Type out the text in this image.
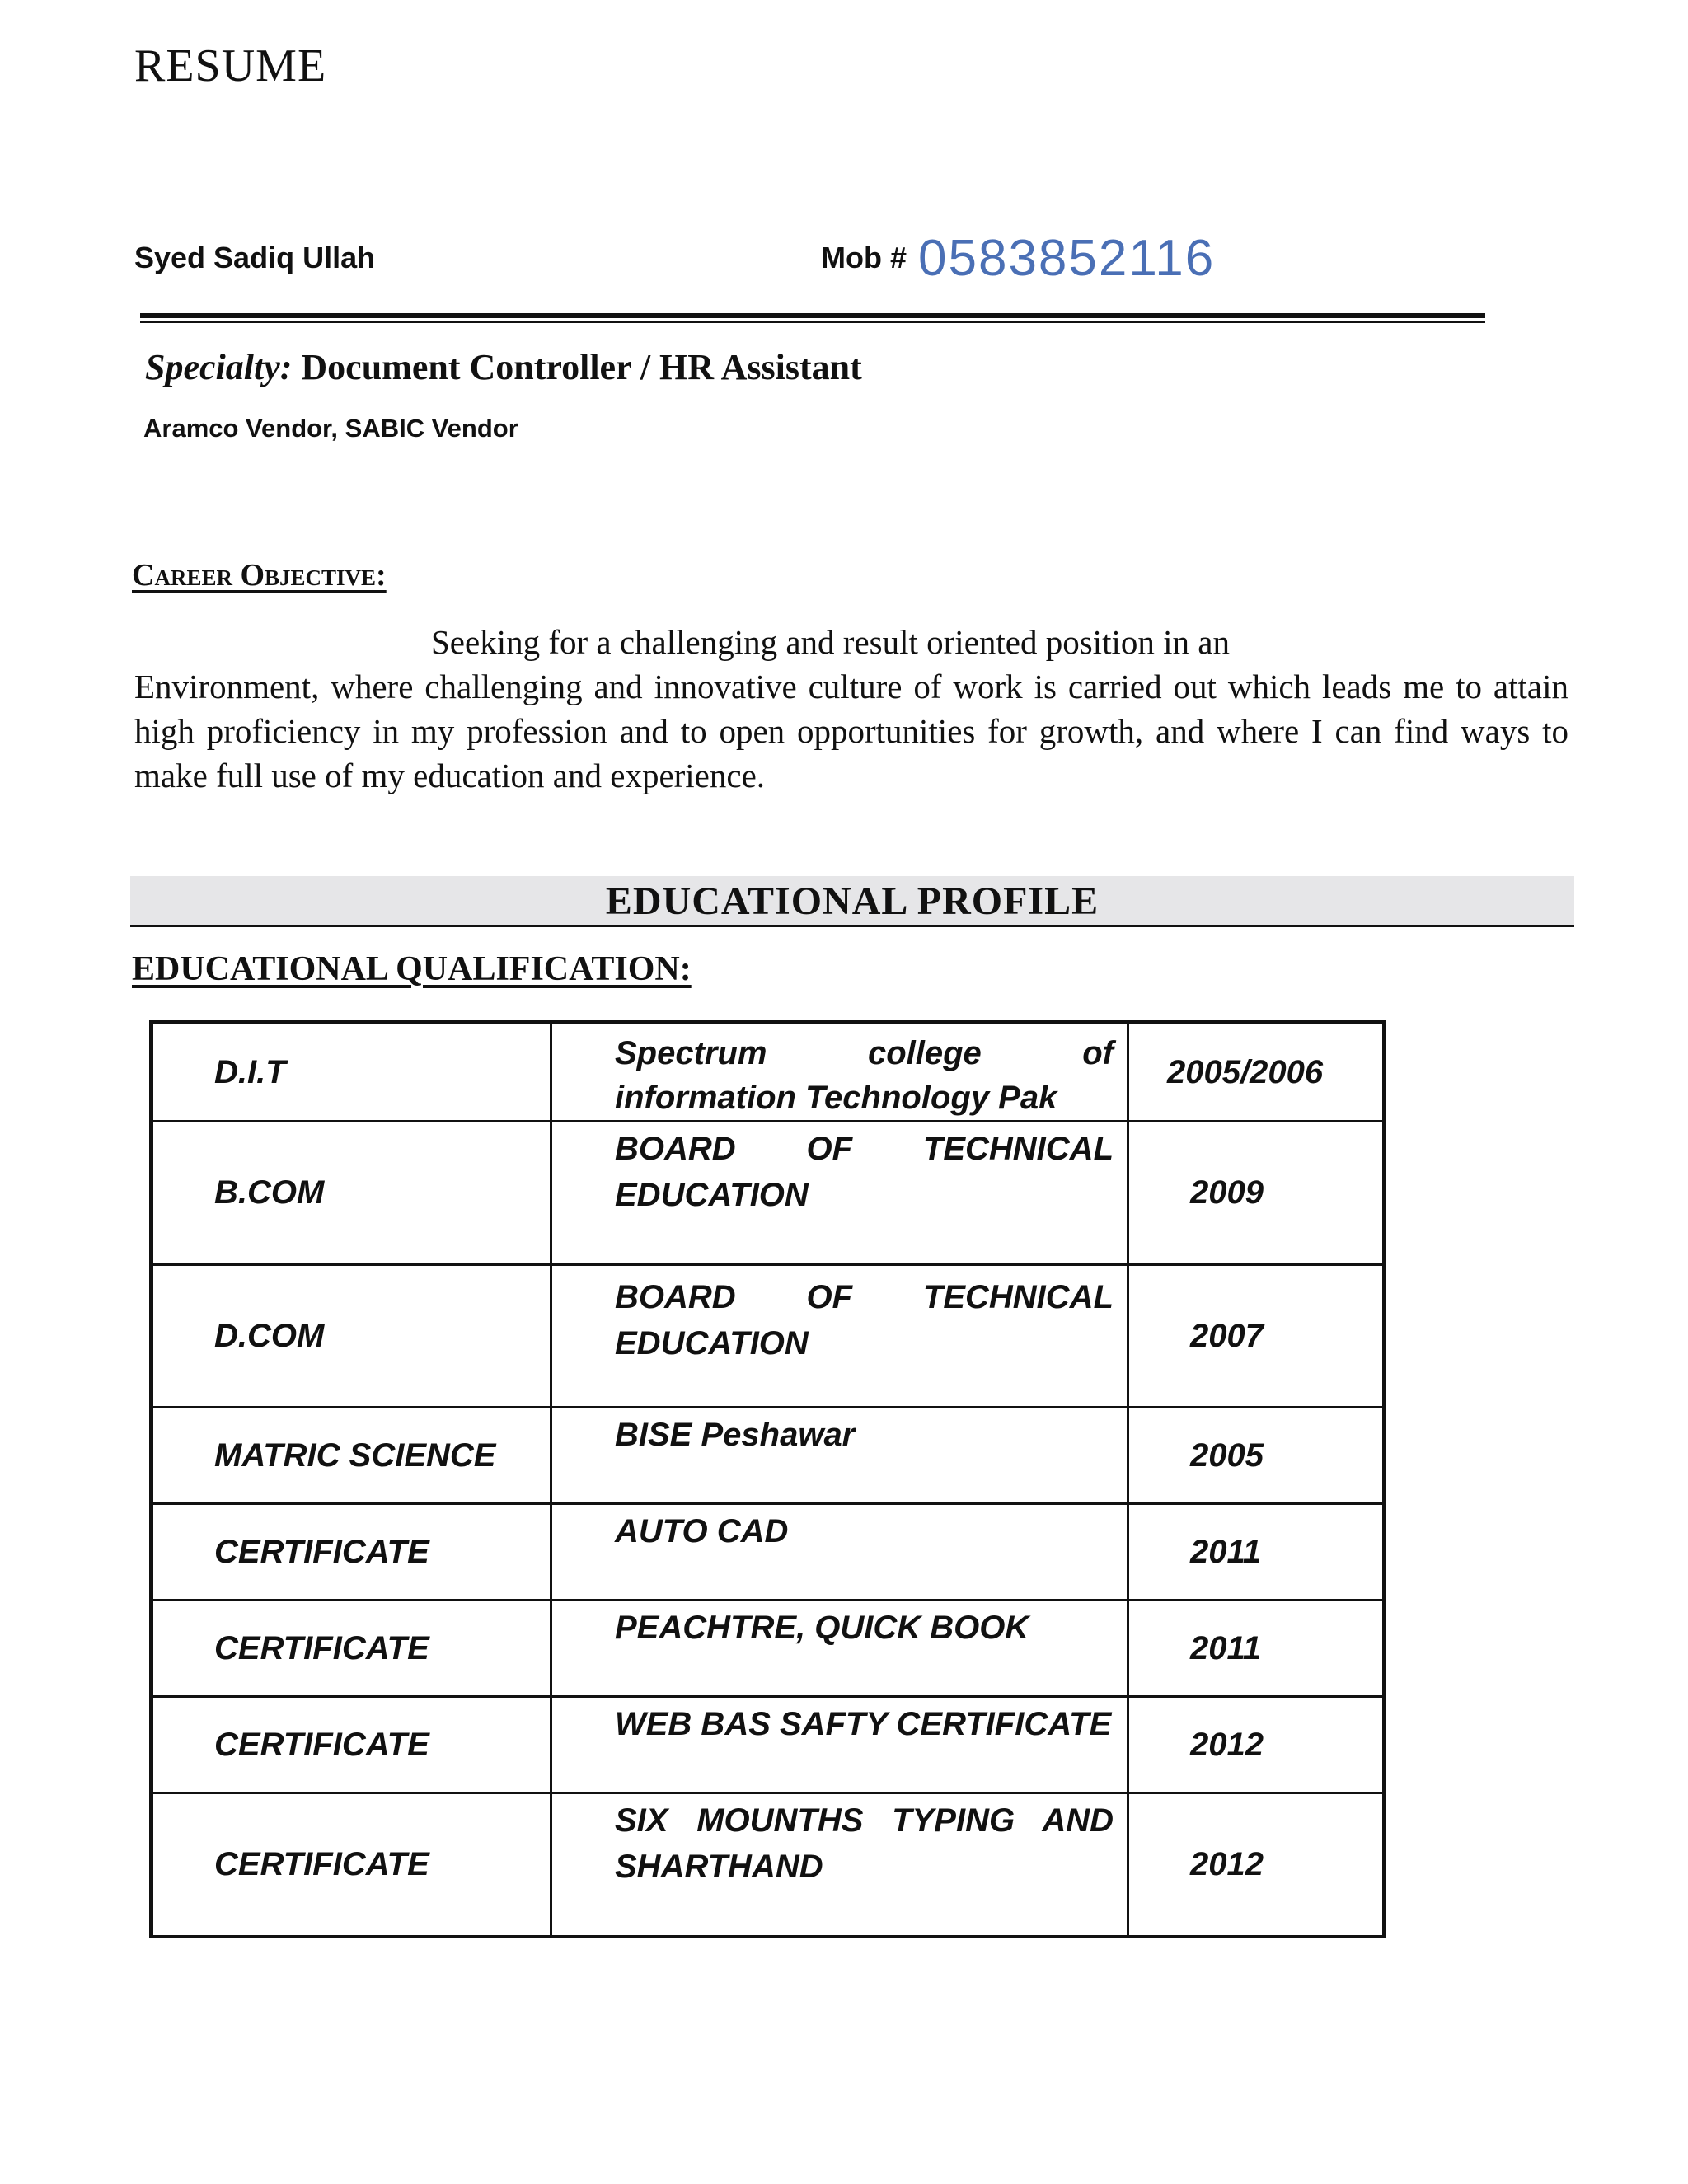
RESUME
Syed Sadiq Ullah	Mob # 0583852116
Specialty: Document Controller / HR Assistant
Aramco Vendor, SABIC Vendor
Career Objective:
Seeking for a challenging and result oriented position in an
Environment, where challenging and innovative culture of work is carried out which leads me to attain high proficiency in my profession and to open opportunities for growth, and where I can find ways to make full use of my education and experience.
EDUCATIONAL PROFILE
EDUCATIONAL QUALIFICATION:
D.I.T	Spectrum college of information Technology Pak	2005/2006
B.COM	BOARD OF TECHNICAL EDUCATION	2009
D.COM	BOARD OF TECHNICAL EDUCATION	2007
MATRIC SCIENCE	BISE Peshawar	2005
CERTIFICATE	AUTO CAD	2011
CERTIFICATE	PEACHTRE, QUICK BOOK	2011
CERTIFICATE	WEB BAS SAFTY CERTIFICATE	2012
CERTIFICATE	SIX MOUNTHS TYPING AND SHARTHAND	2012
